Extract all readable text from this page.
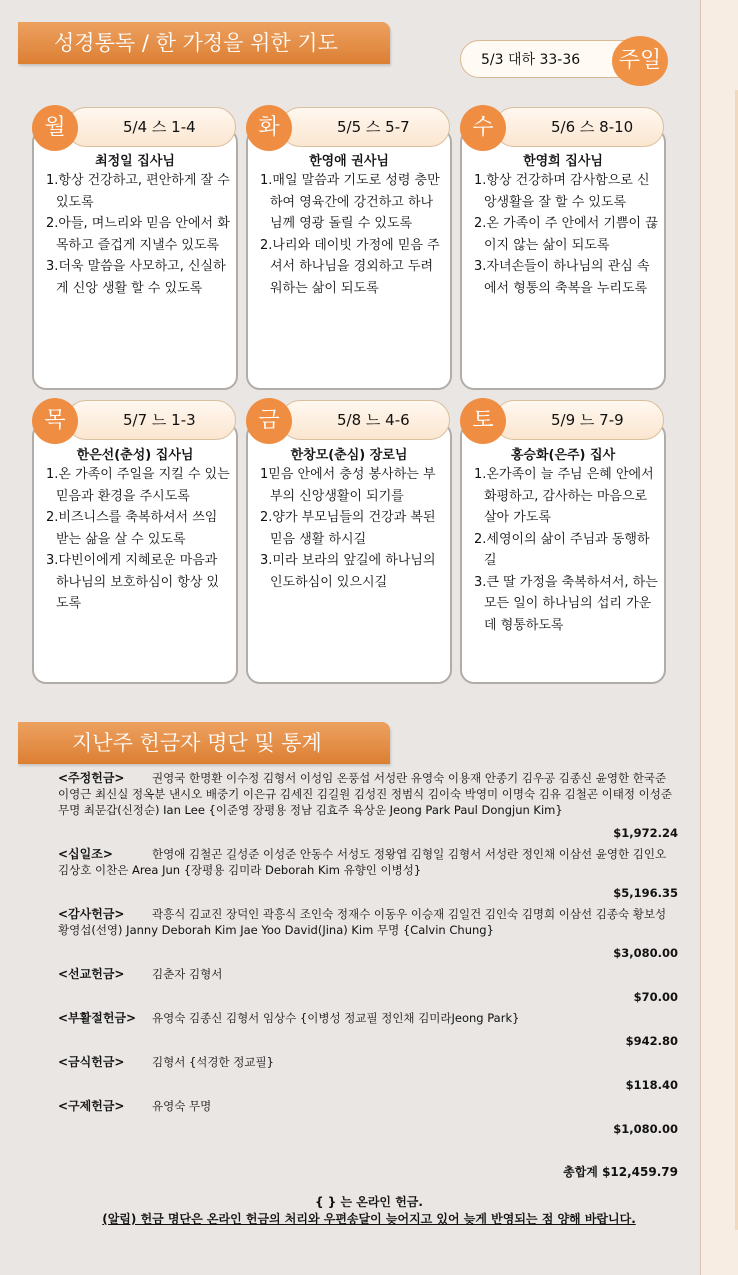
성경통독 / 한 가정을 위한 기도
5/3 대하 33-36	주일
최정일 집사님
1.항상 건강하고, 편안하게 잘 수 있도록
2.아들, 며느리와 믿음 안에서 화목하고 즐겁게 지낼수 있도록
3.더욱 말씀을 사모하고, 신실하게 신앙 생활 할 수 있도록
5/4 스 1-4
월
한영애 권사님
1.매일 말씀과 기도로 성령 충만하여 영육간에 강건하고 하나님께 영광 돌릴 수 있도록
2.나리와 데이빗 가정에 믿음 주셔서 하나님을 경외하고 두려워하는 삶이 되도록
5/5 스 5-7
화
한영희 집사님
1.항상 건강하며 감사함으로 신앙생활을 잘 할 수 있도록
2.온 가족이 주 안에서 기쁨이 끊이지 않는 삶이 되도록
3.자녀손들이 하나님의 관심 속에서 형통의 축복을 누리도록
5/6 스 8-10
수
한은선(춘성) 집사님
1.온 가족이 주일을 지킬 수 있는 믿음과 환경을 주시도록
2.비즈니스를 축복하셔서 쓰임 받는 삶을 살 수 있도록
3.다빈이에게 지혜로운 마음과 하나님의 보호하심이 항상 있도록
5/7 느 1-3
목
한창모(춘심) 장로님
1믿음 안에서 충성 봉사하는 부부의 신앙생활이 되기를
2.양가 부모님들의 건강과 복된 믿음 생활 하시길
3.미라 보라의 앞길에 하나님의 인도하심이 있으시길
5/8 느 4-6
금
홍승화(은주) 집사
1.온가족이 늘 주님 은혜 안에서 화평하고, 감사하는 마음으로 살아 가도록
2.세영이의 삶이 주님과 동행하길
3.큰 딸 가정을 축복하셔서, 하는 모든 일이 하나님의 섭리 가운데 형통하도록
5/9 느 7-9
토
지난주 헌금자 명단 및 통계
<주정헌금> 권영국 한명환 이수정 김형서 이성임 온풍섭 서성란 유영숙 이용재 안종기 김우공 김종신 윤영한 한국준 이영근 최신실 정옥분 낸시오 배중기 이은규 김세진 김길원 김성진 정범식 김이숙 박영미 이명숙 김유 김철곤 이태정 이성준 무명 최문갑(신정순) Ian Lee {이준영 장평용 정남 김효주 육상운 Jeong Park Paul Dongjun Kim}
$1,972.24
<십일조>	한영애 김철곤 길성준 이성준 안동수 서성도 정왕엽 김형일 김형서 서성란 정인채 이삼선 윤영한 김인오 김상호 이찬은 Area Jun {장평용 김미라 Deborah Kim 유향인 이병성}
$5,196.35
<감사헌금> 곽흥식 김교진 장덕인 곽흥식 조인숙 정재수 이동우 이승재 김일건 김인숙 김명희 이삼선 김종숙 황보성 황영섭(선영) Janny Deborah Kim Jae Yoo David(Jina) Kim 무명 {Calvin Chung}
$3,080.00
<선교헌금> 김춘자 김형서
$70.00
<부활절헌금> 유영숙 김종신 김형서 임상수 {이병성 정교필 정인채 김미라Jeong Park}
$942.80
<금식헌금> 김형서 {석경한 정교필}
$118.40
<구제헌금> 유영숙 무명
$1,080.00
총합계 $12,459.79
{ } 는 온라인 헌금.
(알림) 헌금 명단은 온라인 헌금의 처리와 우편송달이 늦어지고 있어 늦게 반영되는 점 양해 바랍니다.
